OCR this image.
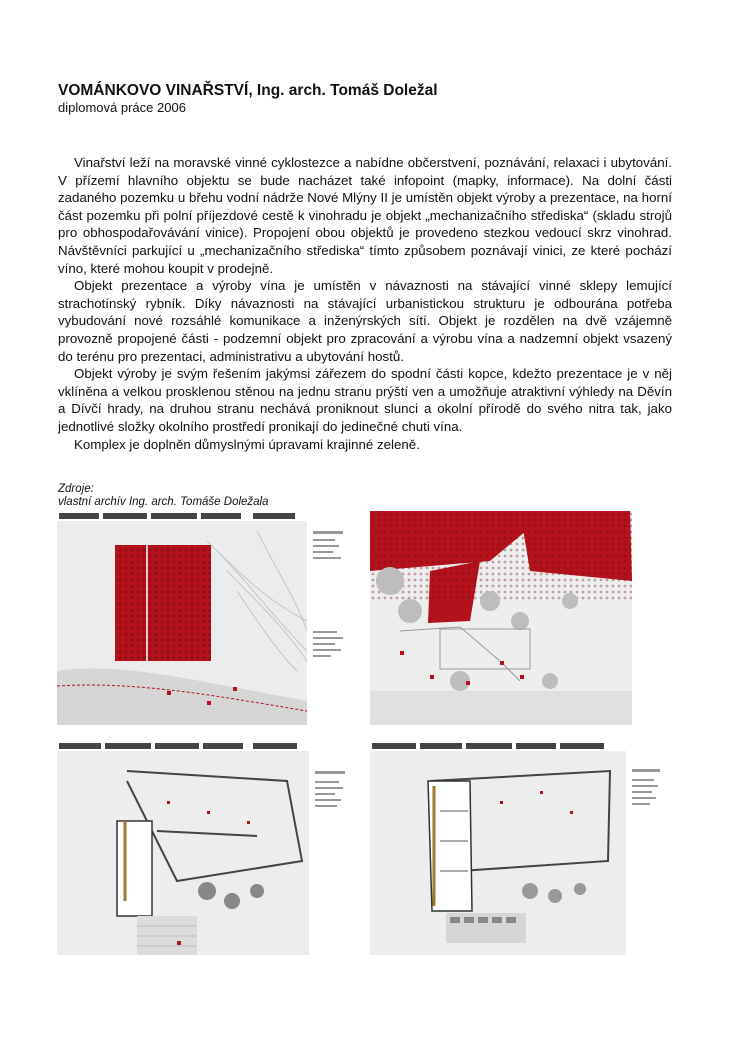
VOMÁNKOVO VINAŘSTVÍ, Ing. arch. Tomáš Doležal
diplomová práce 2006

Vinařství leží na moravské vinné cyklostezce a nabídne občerstvení, poznávání, relaxaci i ubytování. V přízemí hlavního objektu se bude nacházet také infopoint (mapky, informace). Na dolní části zadaného pozemku u břehu vodní nádrže Nové Mlýny II je umístěn objekt výroby a prezentace, na horní část pozemku při polní příjezdové cestě k vinohradu je objekt „mechanizačního střediska“ (skladu strojů pro obhospodařovávání vinice). Propojení obou objektů je provedeno stezkou vedoucí skrz vinohrad. Návštěvníci parkující u „mechanizačního střediska“ tímto způsobem poznávají vinici, ze které pochází víno, které mohou koupit v prodejně.

Objekt prezentace a výroby vína je umístěn v návaznosti na stávající vinné sklepy lemující strachotínský rybník. Díky návaznosti na stávající urbanistickou strukturu je odbourána potřeba vybudování nové rozsáhlé komunikace a inženýrských sítí. Objekt je rozdělen na dvě vzájemně provozně propojené části - podzemní objekt pro zpracování a výrobu vína a nadzemní objekt vsazený do terénu pro prezentaci, administrativu a ubytování hostů.

Objekt výroby je svým řešením jakýmsi zářezem do spodní části kopce, kdežto prezentace je v něj vklíněna a velkou prosklenou stěnou na jednu stranu prýští ven a umožňuje atraktivní výhledy na Děvín a Dívčí hrady, na druhou stranu nechává proniknout slunci a okolní přírodě do svého nitra tak, jako jednotlivé složky okolního prostředí pronikají do jedinečné chuti vína.

Komplex je doplněn důmyslnými úpravami krajinné zeleně.

Zdroje:
vlastní archív Ing. arch. Tomáše Doležala
